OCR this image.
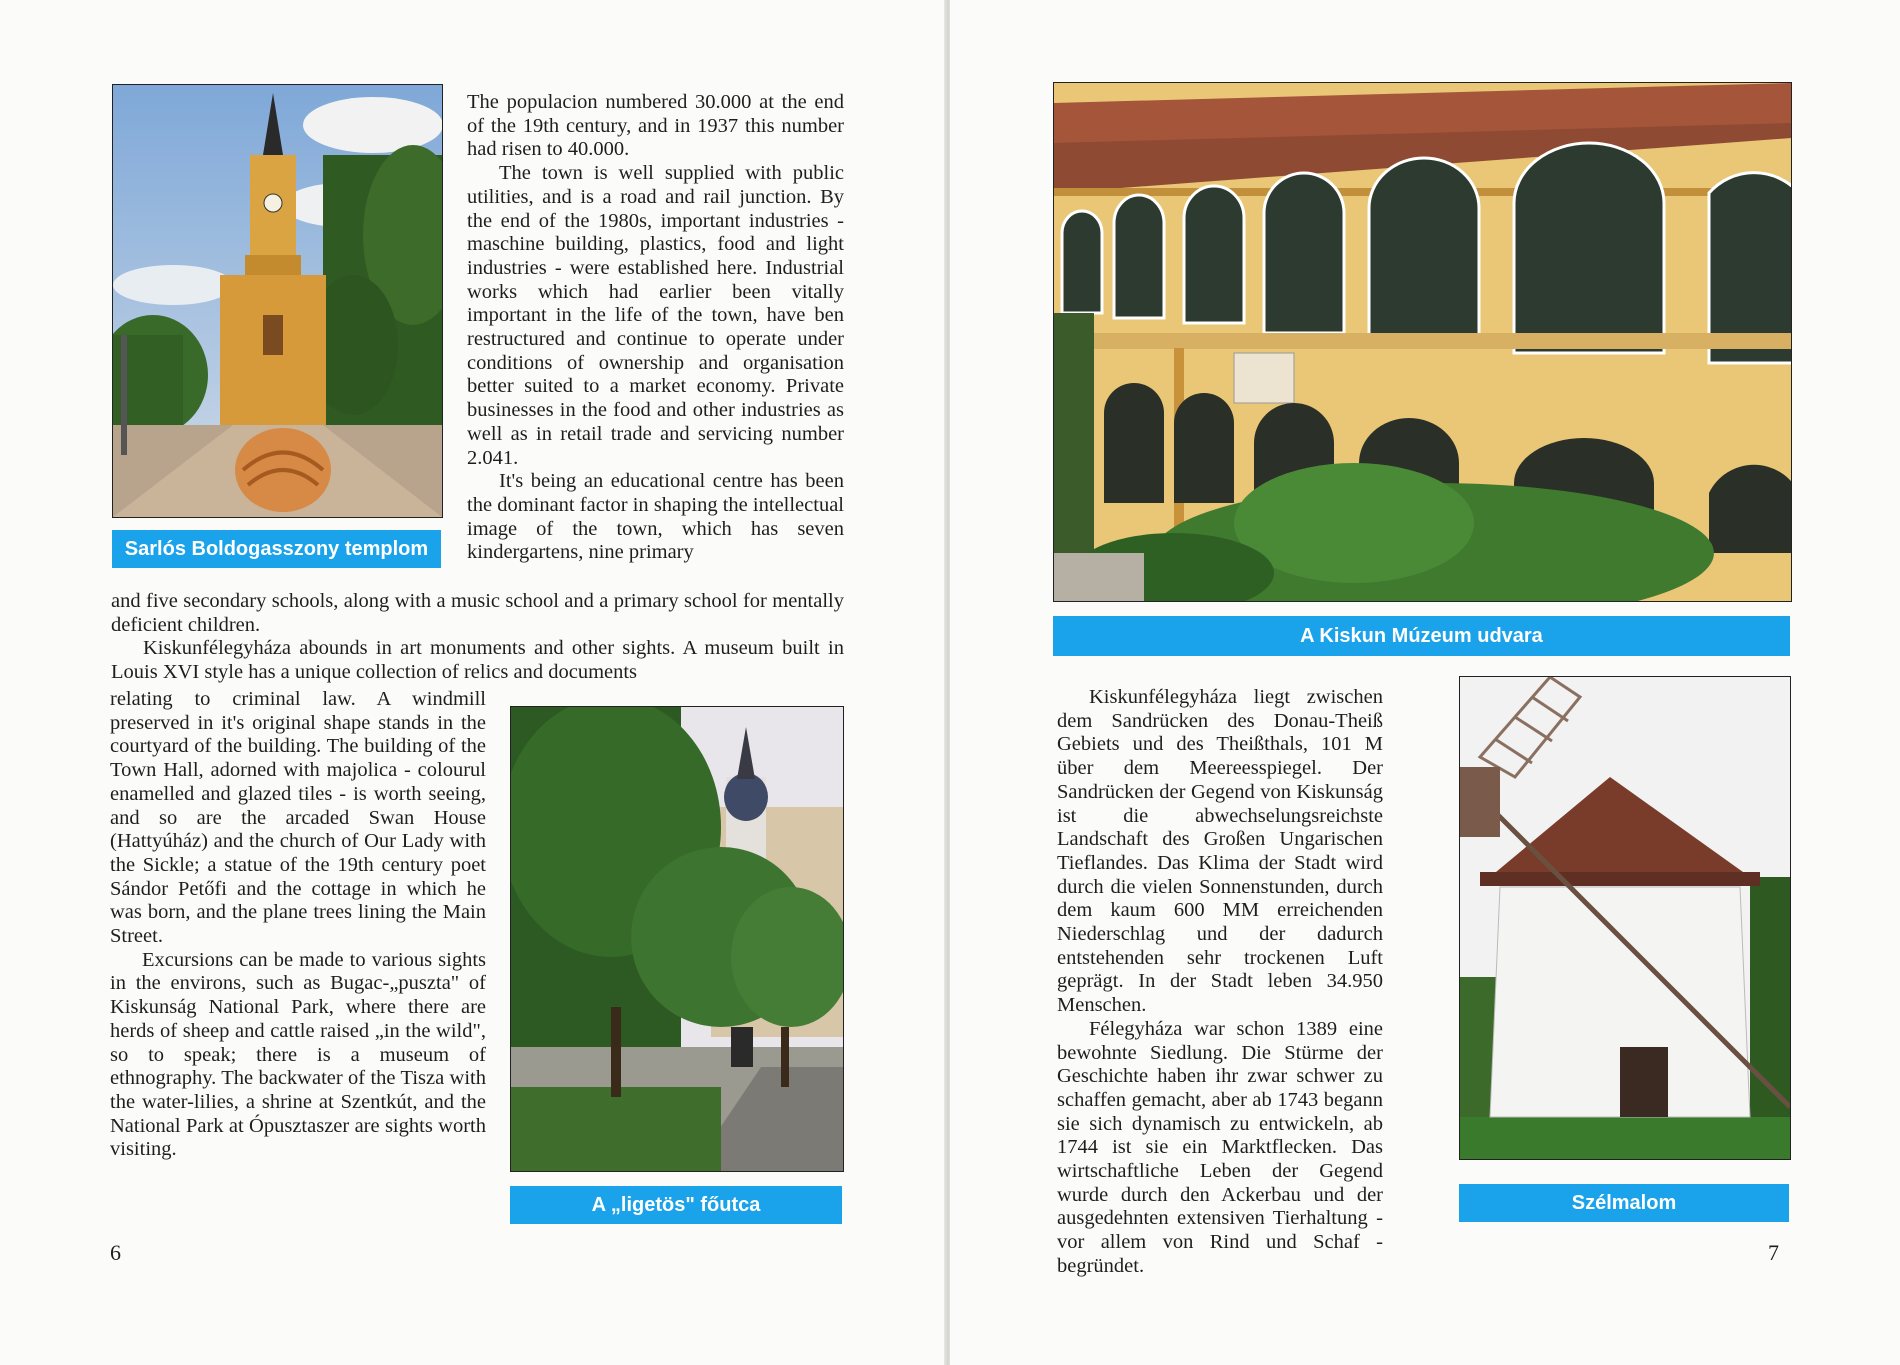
Sarlós Boldogasszony templom

The populacion numbered 30.000 at the end of the 19th century, and in 1937 this number had risen to 40.000.

The town is well supplied with public utilities, and is a road and rail junction. By the end of the 1980s, important industries - maschine building, plastics, food and light industries - were established here. Industrial works which had earlier been vitally important in the life of the town, have ben restructured and continue to operate under conditions of ownership and organisation better suited to a market economy. Private businesses in the food and other industries as well as in retail trade and servicing number 2.041.

It's being an educational centre has been the dominant factor in shaping the intellectual image of the town, which has seven kindergartens, nine primary

and five secondary schools, along with a music school and a primary school for mentally deficient children.

Kiskunfélegyháza abounds in art monuments and other sights. A museum built in Louis XVI style has a unique collection of relics and documents

A „ligetös" főutca

relating to criminal law. A windmill preserved in it's original shape stands in the courtyard of the building. The building of the Town Hall, adorned with majolica - colourul enamelled and glazed tiles - is worth seeing, and so are the arcaded Swan House (Hattyúház) and the church of Our Lady with the Sickle; a statue of the 19th century poet Sándor Petőfi and the cottage in which he was born, and the plane trees lining the Main Street.

Excursions can be made to various sights in the environs, such as Bugac-„puszta" of Kiskunság National Park, where there are herds of sheep and cattle raised „in the wild", so to speak; there is a museum of ethnography. The backwater of the Tisza with the water-lilies, a shrine at Szentkút, and the National Park at Ópusztaszer are sights worth visiting.

6
A Kiskun Múzeum udvara

Kiskunfélegyháza liegt zwischen dem Sandrücken des Donau-Theiß Gebiets und des Theißthals, 101 M über dem Meereesspiegel. Der Sandrücken der Gegend von Kiskunság ist die abwechselungsreichste Landschaft des Großen Ungarischen Tieflandes. Das Klima der Stadt wird durch die vielen Sonnenstunden, durch dem kaum 600 MM erreichenden Niederschlag und der dadurch entstehenden sehr trockenen Luft geprägt. In der Stadt leben 34.950 Menschen.

Félegyháza war schon 1389 eine bewohnte Siedlung. Die Stürme der Geschichte haben ihr zwar schwer zu schaffen gemacht, aber ab 1743 begann sie sich dynamisch zu entwickeln, ab 1744 ist sie ein Marktflecken. Das wirtschaftliche Leben der Gegend wurde durch den Ackerbau und der ausgedehnten extensiven Tierhaltung - vor allem von Rind und Schaf - begründet.

Szélmalom
7
